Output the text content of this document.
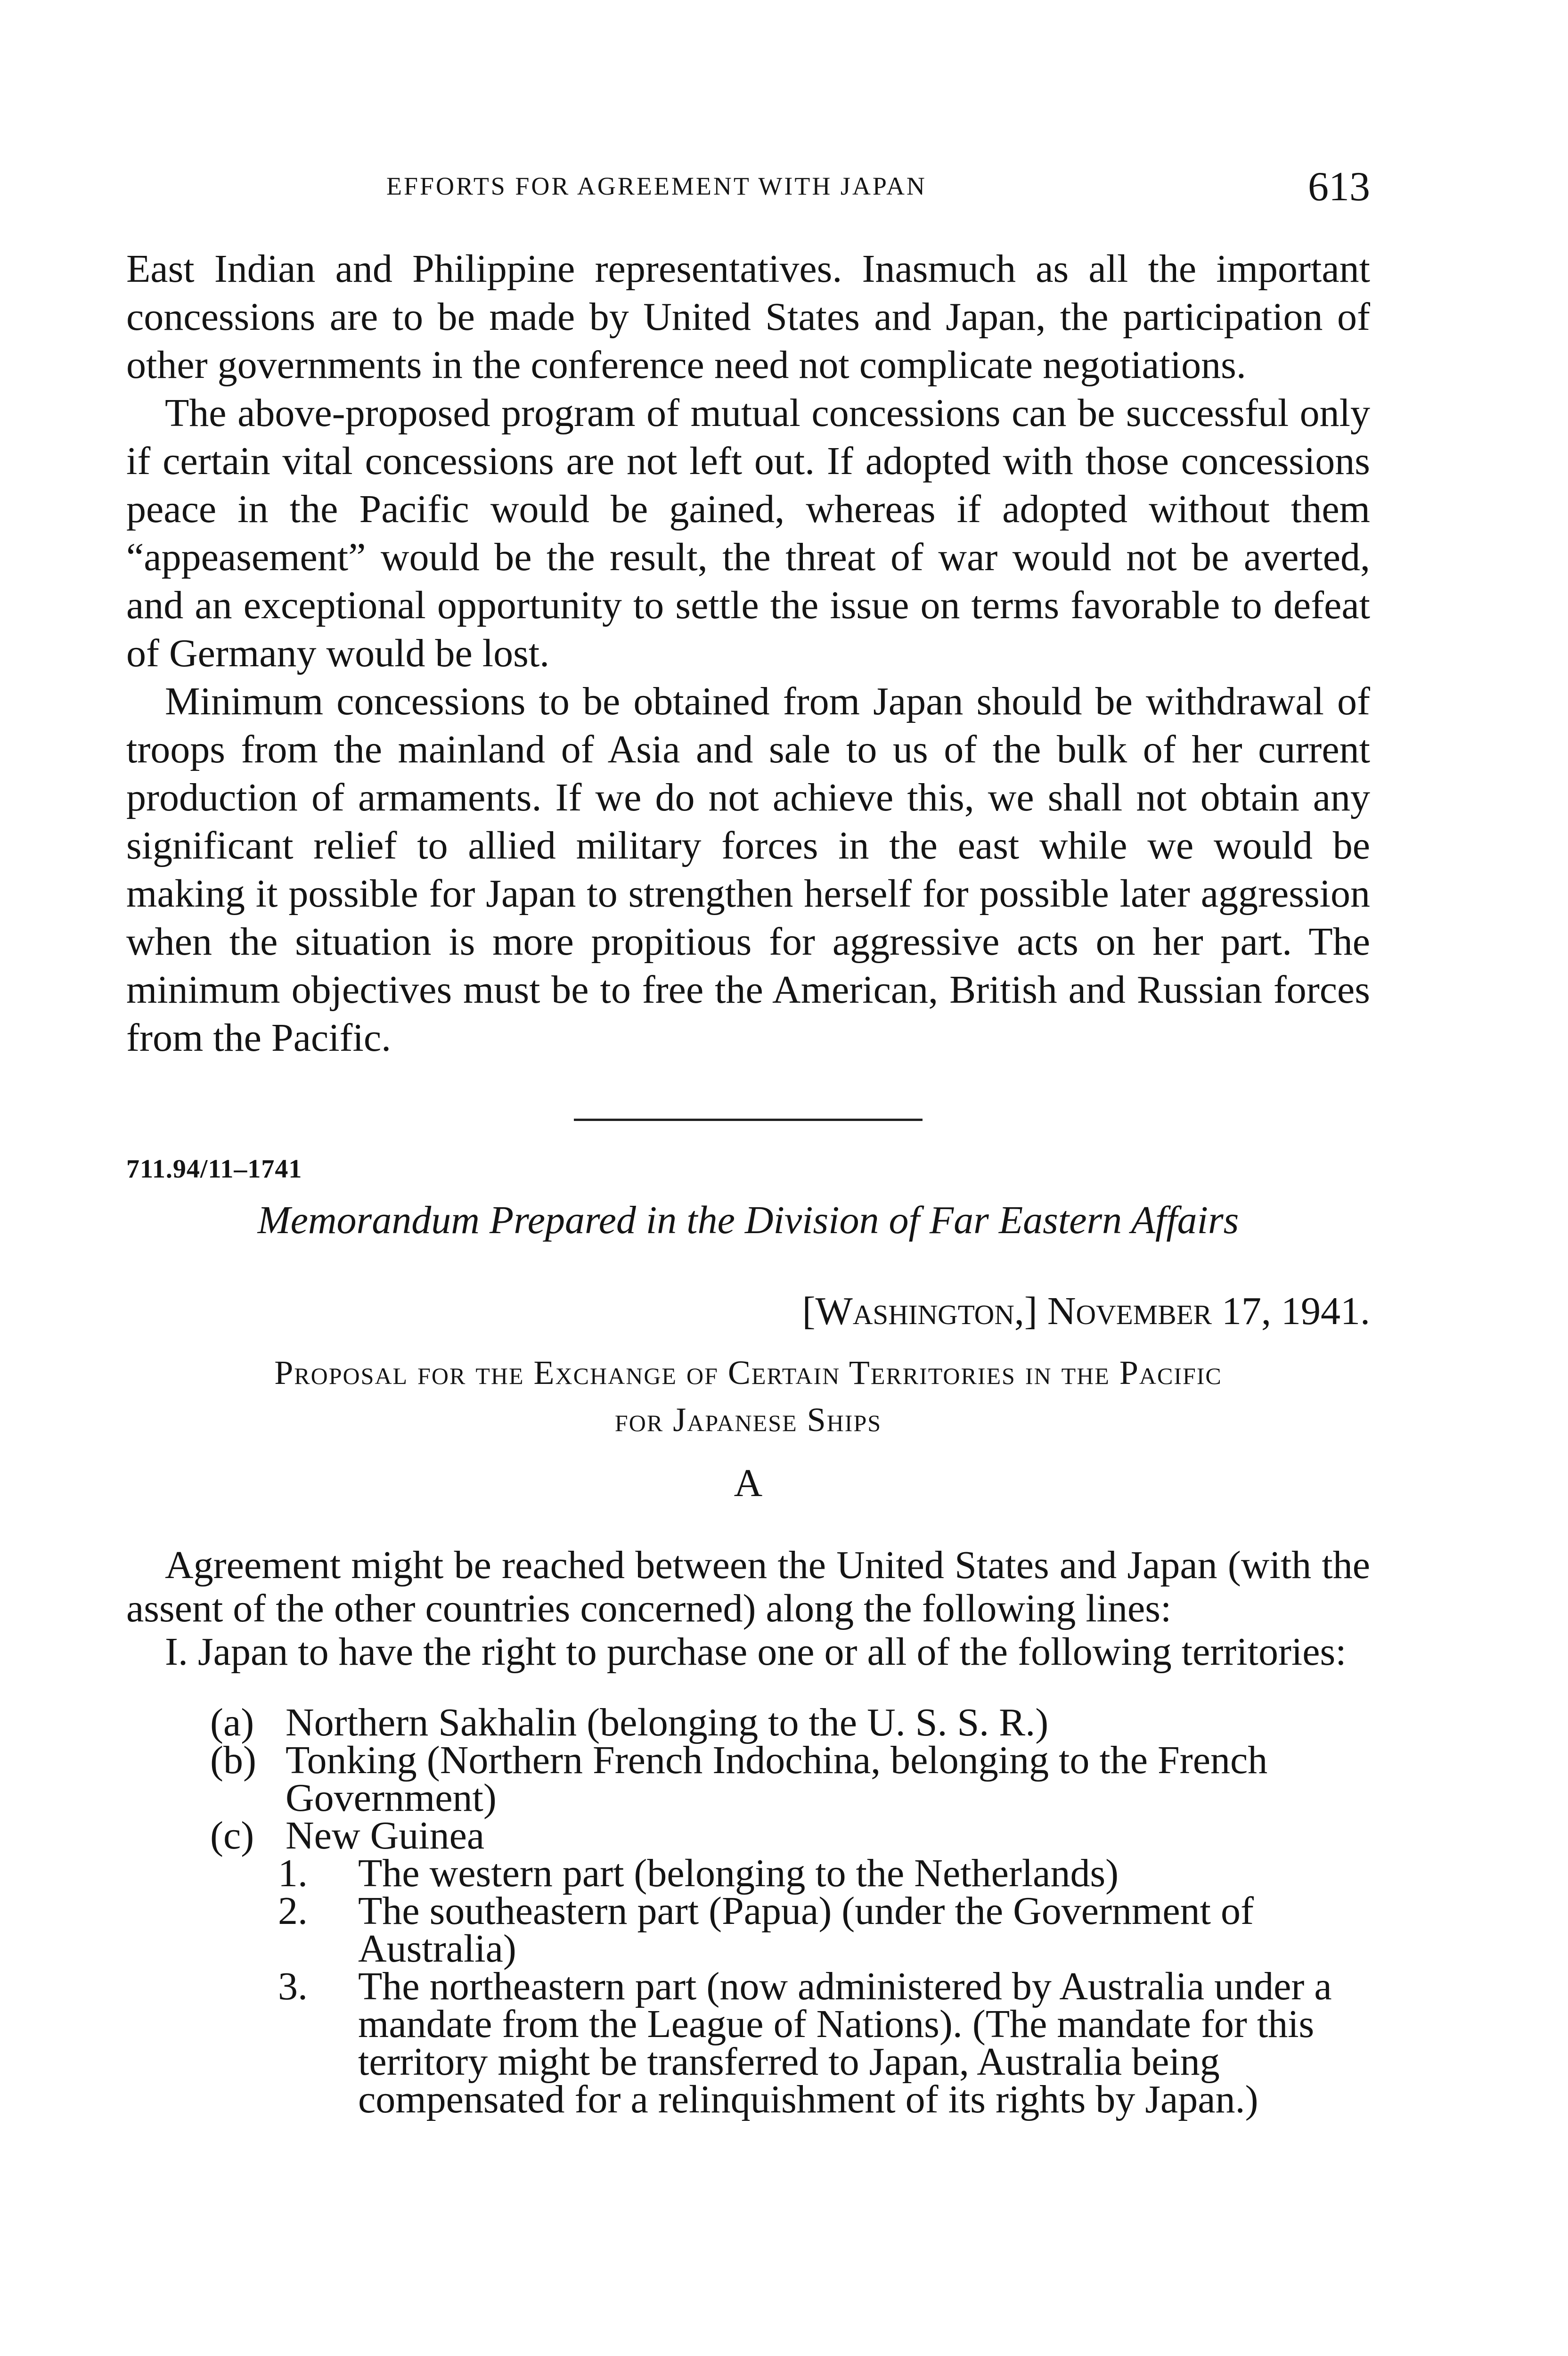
EFFORTS FOR AGREEMENT WITH JAPAN	613

East Indian and Philippine representatives. Inasmuch as all the important concessions are to be made by United States and Japan, the participation of other governments in the conference need not complicate negotiations.

The above-proposed program of mutual concessions can be successful only if certain vital concessions are not left out. If adopted with those concessions peace in the Pacific would be gained, whereas if adopted without them “appeasement” would be the result, the threat of war would not be averted, and an exceptional opportunity to settle the issue on terms favorable to defeat of Germany would be lost.

Minimum concessions to be obtained from Japan should be withdrawal of troops from the mainland of Asia and sale to us of the bulk of her current production of armaments. If we do not achieve this, we shall not obtain any significant relief to allied military forces in the east while we would be making it possible for Japan to strengthen herself for possible later aggression when the situation is more propitious for aggressive acts on her part. The minimum objectives must be to free the American, British and Russian forces from the Pacific.

711.94/11–1741

Memorandum Prepared in the Division of Far Eastern Affairs

[Washington,] November 17, 1941.

Proposal for the Exchange of Certain Territories in the Pacific

for Japanese Ships

A

Agreement might be reached between the United States and Japan (with the assent of the other countries concerned) along the following lines:

I. Japan to have the right to purchase one or all of the following territories:

(a) Northern Sakhalin (belonging to the U. S. S. R.)
(b) Tonking (Northern French Indochina, belonging to the French Government)
(c) New Guinea
1. The western part (belonging to the Netherlands)
2. The southeastern part (Papua) (under the Government of Australia)
3. The northeastern part (now administered by Australia under a mandate from the League of Nations). (The mandate for this territory might be transferred to Japan, Australia being compensated for a relinquishment of its rights by Japan.)
